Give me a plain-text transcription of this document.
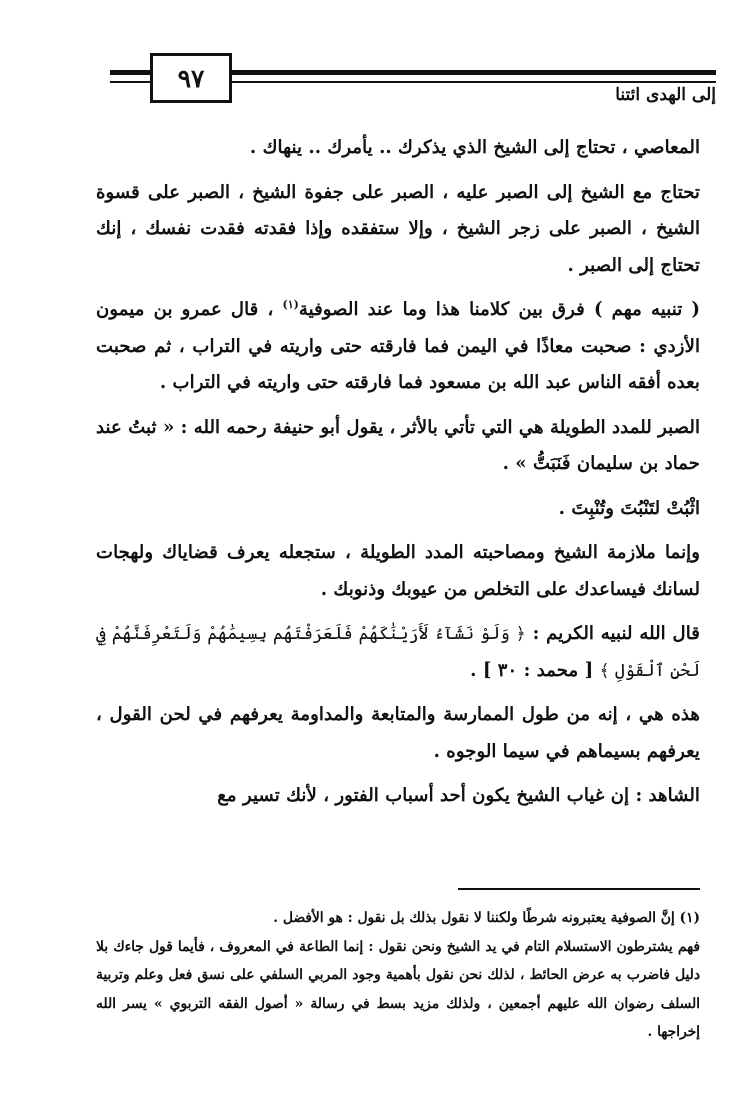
٩٧
إلى الهدى ائتنا

المعاصي ، تحتاج إلى الشيخ الذي يذكرك .. يأمرك .. ينهاك .

تحتاج مع الشيخ إلى الصبر عليه ، الصبر على جفوة الشيخ ، الصبر على قسوة الشيخ ، الصبر على زجر الشيخ ، وإلا ستفقده وإذا فقدته فقدت نفسك ، إنك تحتاج إلى الصبر .

( تنبيه مهم ) فرق بين كلامنا هذا وما عند الصوفية$^{(١)}$ ، قال عمرو بن ميمون الأزدي : صحبت معاذًا في اليمن فما فارقته حتى واريته في التراب ، ثم صحبت بعده أفقه الناس عبد الله بن مسعود فما فارقته حتى واريته في التراب .

الصبر للمدد الطويلة هي التي تأتي بالأثر ، يقول أبو حنيفة رحمه الله : « ثبتُ عند حماد بن سليمان فَنَبَتُّ » .

اثْبُتْ لتَنْبُتَ وتُنْبِتَ .

وإنما ملازمة الشيخ ومصاحبته المدد الطويلة ، ستجعله يعرف قضاياك ولهجات لسانك فيساعدك على التخلص من عيوبك وذنوبك .

قال الله لنبيه الكريم : ﴿ وَلَوْ نَشَآءُ لَأَرَيْنَٰكَهُمْ فَلَعَرَفْتَهُم بِسِيمَٰهُمْ وَلَتَعْرِفَنَّهُمْ فِي لَحْنِ ٱلْقَوْلِ ﴾ [ محمد : ٣٠ ] .

هذه هي ، إنه من طول الممارسة والمتابعة والمداومة يعرفهم في لحن القول ، يعرفهم بسيماهم في سيما الوجوه .

الشاهد : إن غياب الشيخ يكون أحد أسباب الفتور ، لأنك تسير مع

(١) إنَّ الصوفية يعتبرونه شرطًا ولكننا لا نقول بذلك بل نقول : هو الأفضل .

فهم يشترطون الاستسلام التام في يد الشيخ ونحن نقول : إنما الطاعة في المعروف ، فأيما قول جاءك بلا دليل فاضرب به عرض الحائط ، لذلك نحن نقول بأهمية وجود المربي السلفي على نسق فعل وعلم وتربية السلف رضوان الله عليهم أجمعين ، ولذلك مزيد بسط في رسالة « أصول الفقه التربوي » يسر الله إخراجها .
